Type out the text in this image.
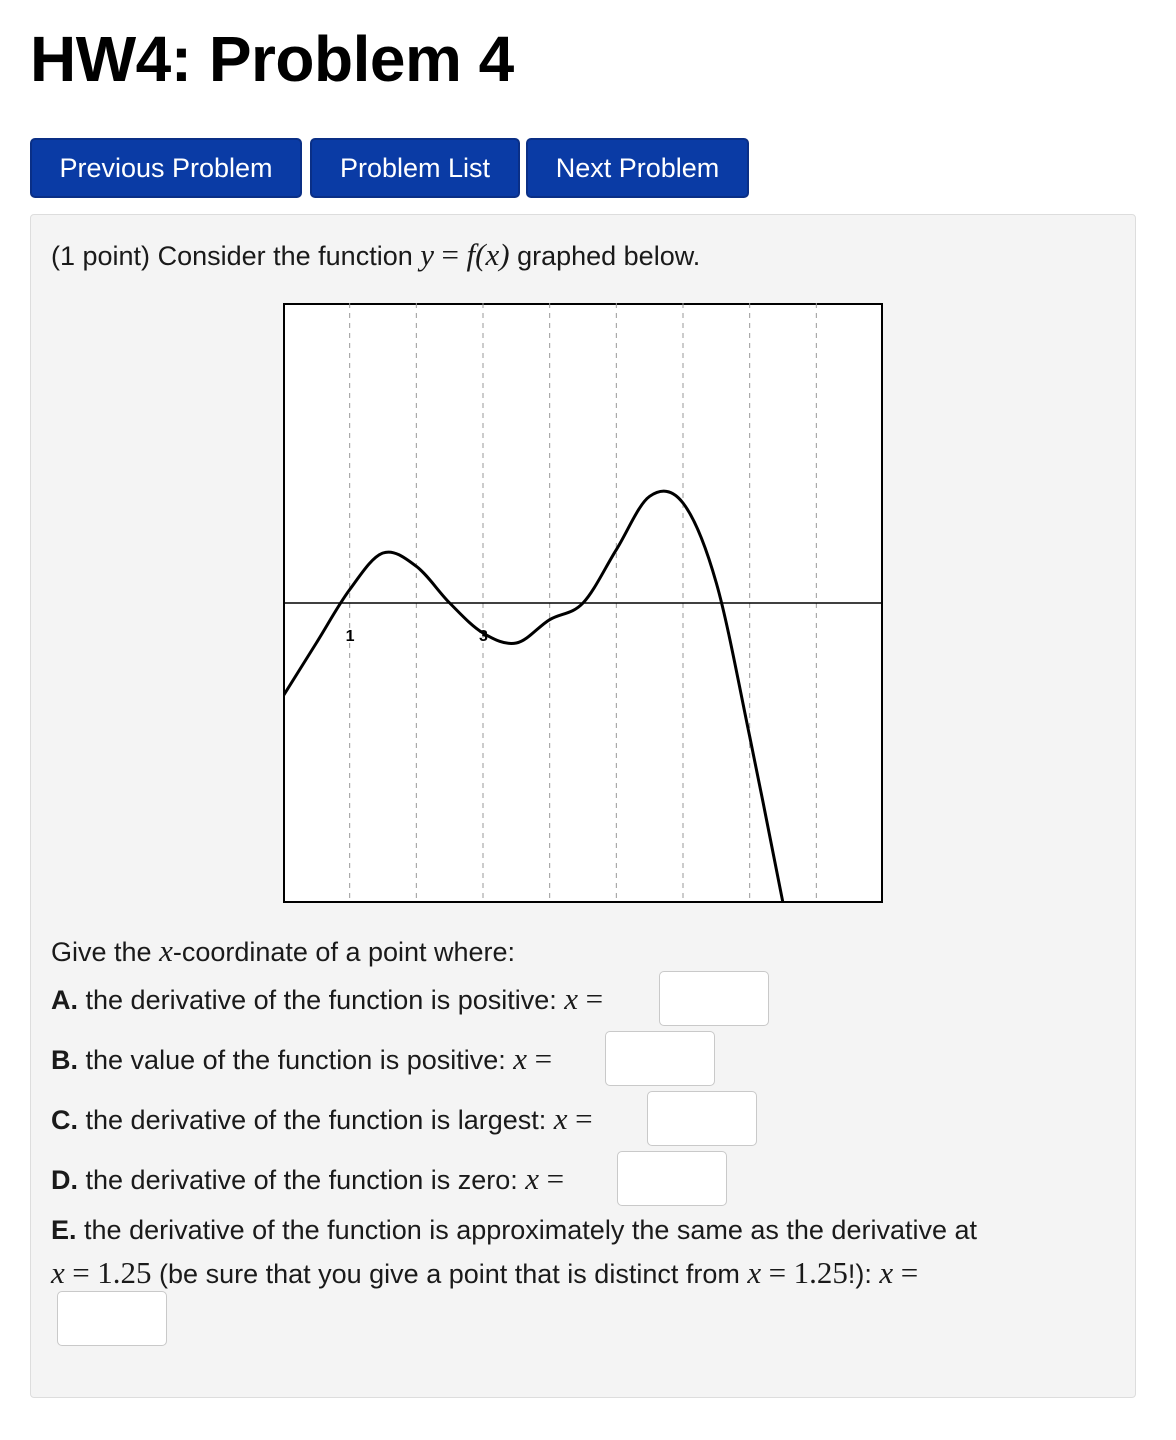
HW4: Problem 4
Previous Problem	Problem List	Next Problem
(1 point) Consider the function y = f(x) graphed below.
1	3
Give the x-coordinate of a point where:
A. the derivative of the function is positive: x =
B. the value of the function is positive: x =
C. the derivative of the function is largest: x =
D. the derivative of the function is zero: x =
E. the derivative of the function is approximately the same as the derivative at
x = 1.25 (be sure that you give a point that is distinct from x = 1.25!): x =
